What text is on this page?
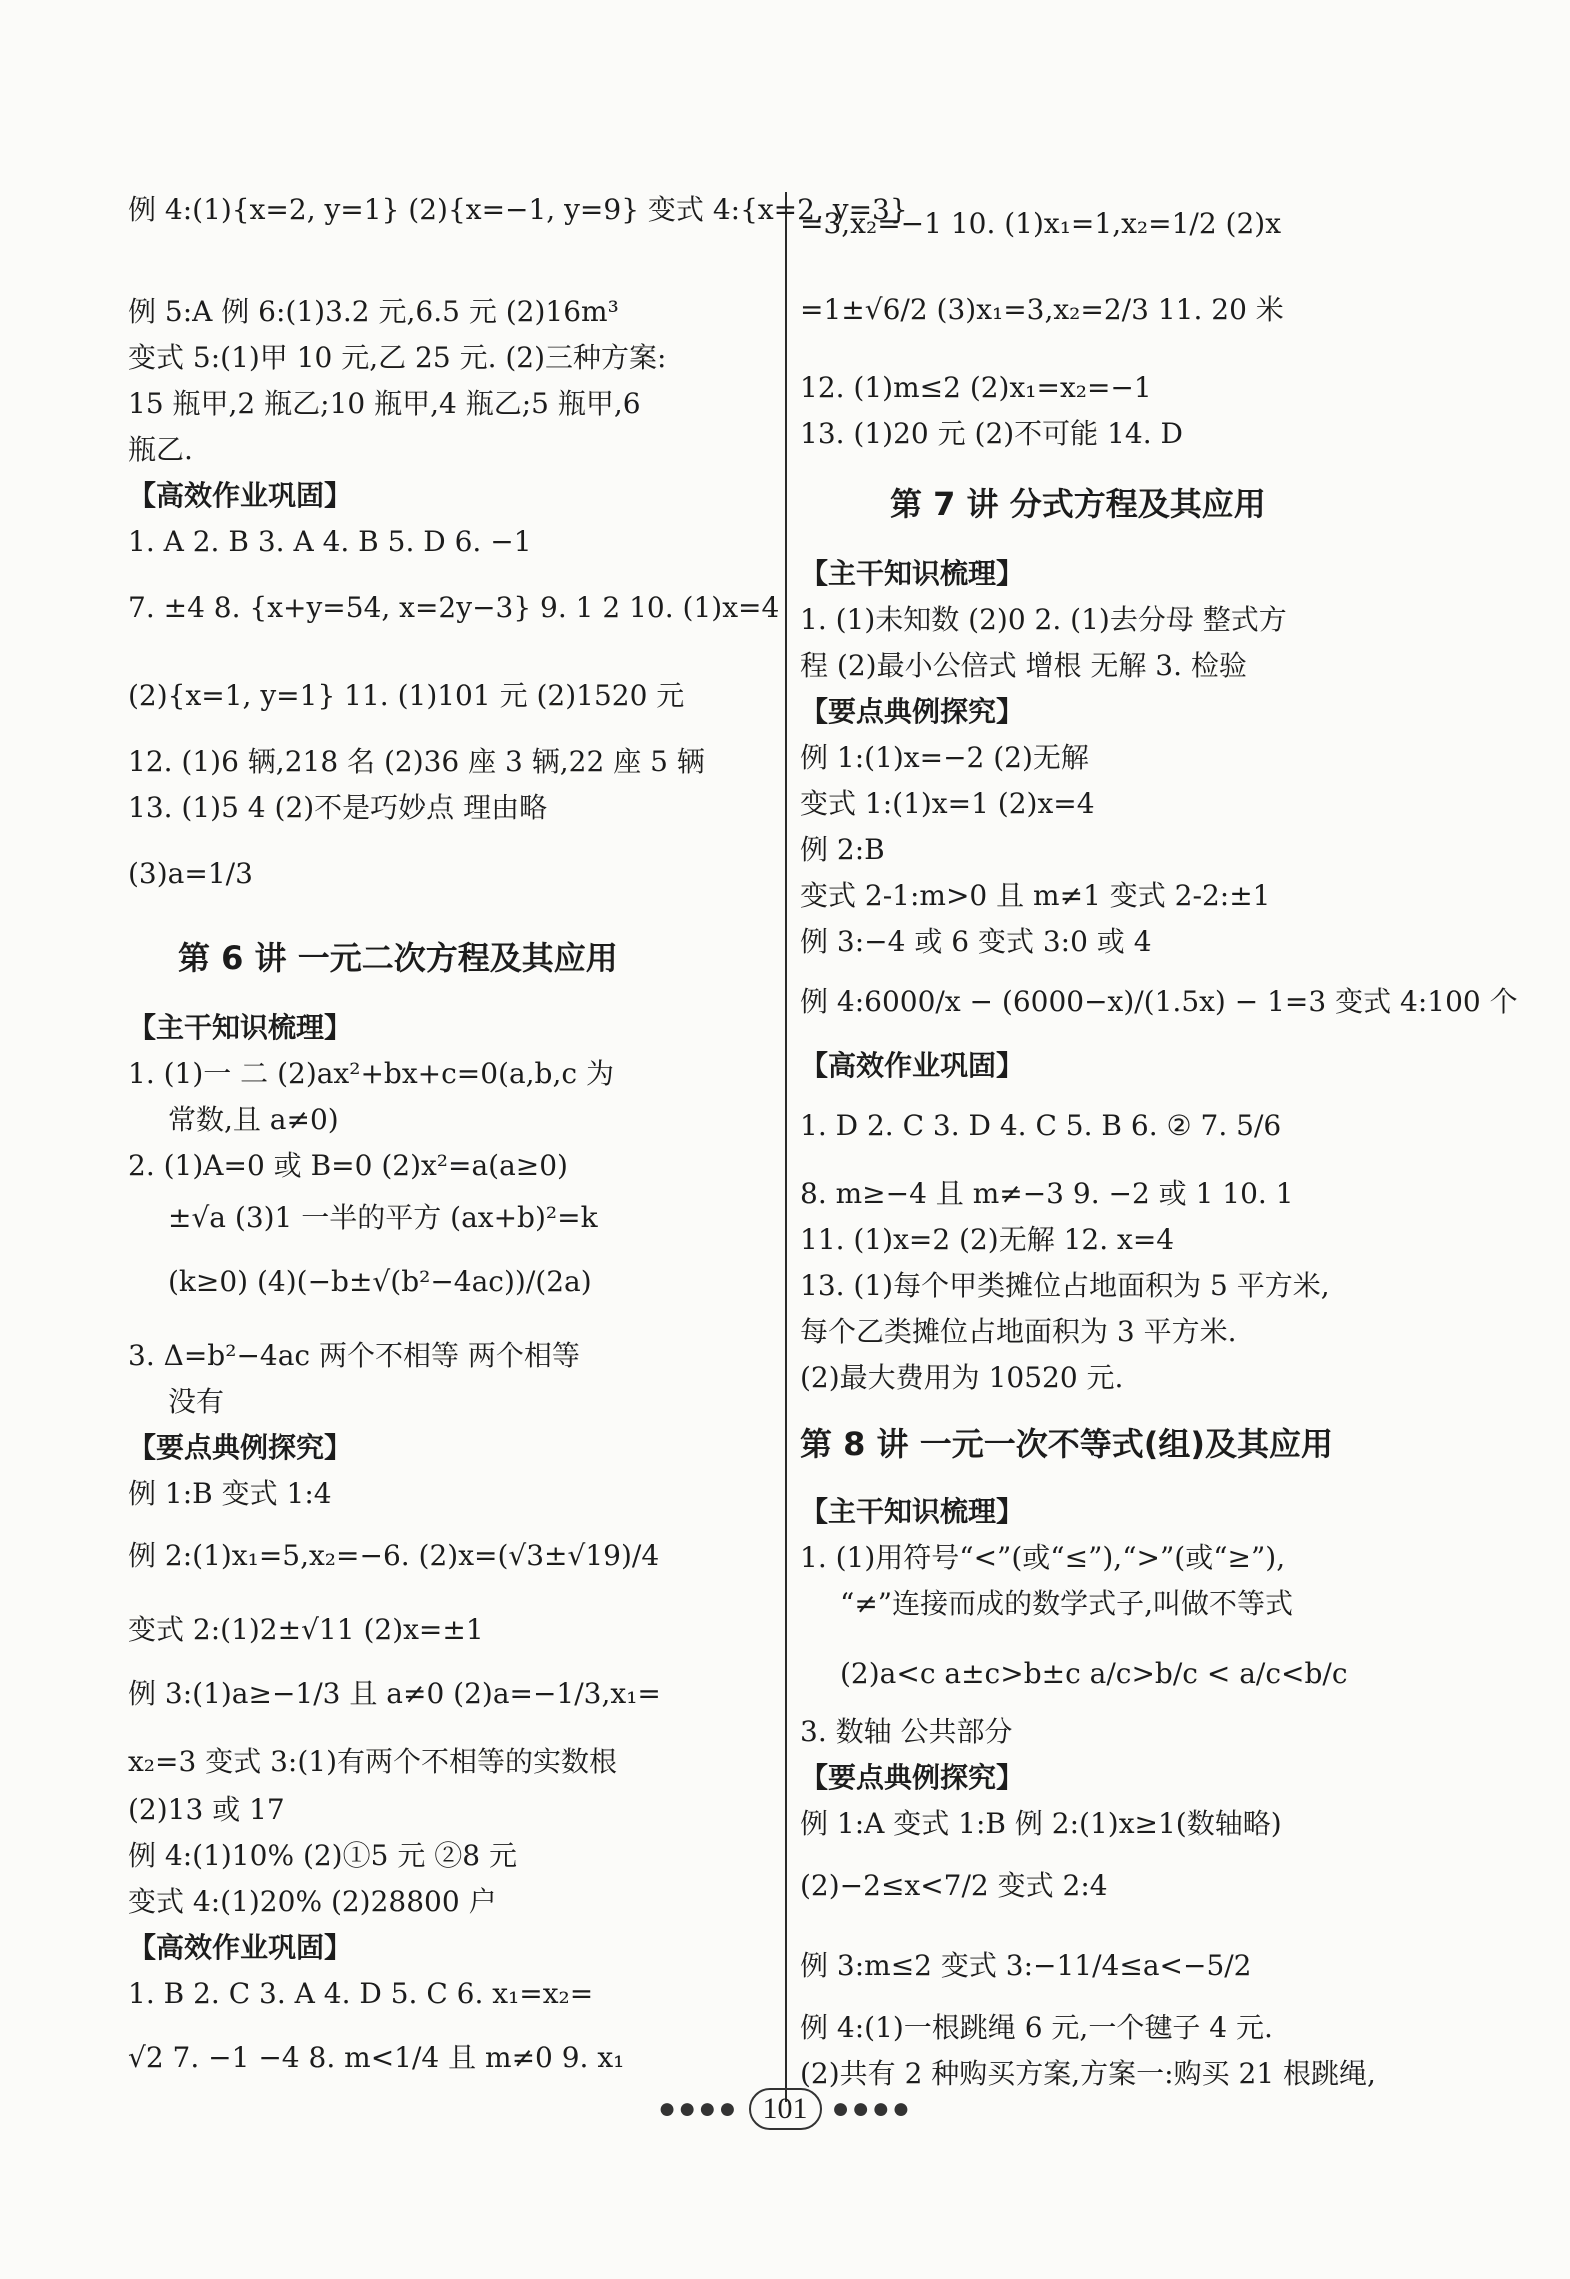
例 4:(1){x=2, y=1} (2){x=−1, y=9} 变式 4:{x=2, y=3}
例 5:A 例 6:(1)3.2 元,6.5 元 (2)16m³
变式 5:(1)甲 10 元,乙 25 元. (2)三种方案:
15 瓶甲,2 瓶乙;10 瓶甲,4 瓶乙;5 瓶甲,6
瓶乙.
【高效作业巩固】
1. A 2. B 3. A 4. B 5. D 6. −1
7. ±4 8. {x+y=54, x=2y−3} 9. 1 2 10. (1)x=4
(2){x=1, y=1} 11. (1)101 元 (2)1520 元
12. (1)6 辆,218 名 (2)36 座 3 辆,22 座 5 辆
13. (1)5 4 (2)不是巧妙点 理由略
(3)a=1/3
第 6 讲 一元二次方程及其应用
【主干知识梳理】
1. (1)一 二 (2)ax²+bx+c=0(a,b,c 为
常数,且 a≠0)
2. (1)A=0 或 B=0 (2)x²=a(a≥0)
±√a (3)1 一半的平方 (ax+b)²=k
(k≥0) (4)(−b±√(b²−4ac))/(2a)
3. Δ=b²−4ac 两个不相等 两个相等
没有
【要点典例探究】
例 1:B 变式 1:4
例 2:(1)x₁=5,x₂=−6. (2)x=(√3±√19)/4
变式 2:(1)2±√11 (2)x=±1
例 3:(1)a≥−1/3 且 a≠0 (2)a=−1/3,x₁=
x₂=3 变式 3:(1)有两个不相等的实数根
(2)13 或 17
例 4:(1)10% (2)①5 元 ②8 元
变式 4:(1)20% (2)28800 户
【高效作业巩固】
1. B 2. C 3. A 4. D 5. C 6. x₁=x₂=
√2 7. −1 −4 8. m<1/4 且 m≠0 9. x₁
=3,x₂=−1 10. (1)x₁=1,x₂=1/2 (2)x
=1±√6/2 (3)x₁=3,x₂=2/3 11. 20 米
12. (1)m≤2 (2)x₁=x₂=−1
13. (1)20 元 (2)不可能 14. D
第 7 讲 分式方程及其应用
【主干知识梳理】
1. (1)未知数 (2)0 2. (1)去分母 整式方
程 (2)最小公倍式 增根 无解 3. 检验
【要点典例探究】
例 1:(1)x=−2 (2)无解
变式 1:(1)x=1 (2)x=4
例 2:B
变式 2-1:m>0 且 m≠1 变式 2-2:±1
例 3:−4 或 6 变式 3:0 或 4
例 4:6000/x − (6000−x)/(1.5x) − 1=3 变式 4:100 个
【高效作业巩固】
1. D 2. C 3. D 4. C 5. B 6. ② 7. 5/6
8. m≥−4 且 m≠−3 9. −2 或 1 10. 1
11. (1)x=2 (2)无解 12. x=4
13. (1)每个甲类摊位占地面积为 5 平方米,
每个乙类摊位占地面积为 3 平方米.
(2)最大费用为 10520 元.
第 8 讲 一元一次不等式(组)及其应用
【主干知识梳理】
1. (1)用符号“<”(或“≤”),“>”(或“≥”),
“≠”连接而成的数学式子,叫做不等式
(2)a<c a±c>b±c a/c>b/c < a/c<b/c
3. 数轴 公共部分
【要点典例探究】
例 1:A 变式 1:B 例 2:(1)x≥1(数轴略)
(2)−2≤x<7/2 变式 2:4
例 3:m≤2 变式 3:−11/4≤a<−5/2
例 4:(1)一根跳绳 6 元,一个毽子 4 元.
(2)共有 2 种购买方案,方案一:购买 21 根跳绳,
●●●● 101 ●●●●
